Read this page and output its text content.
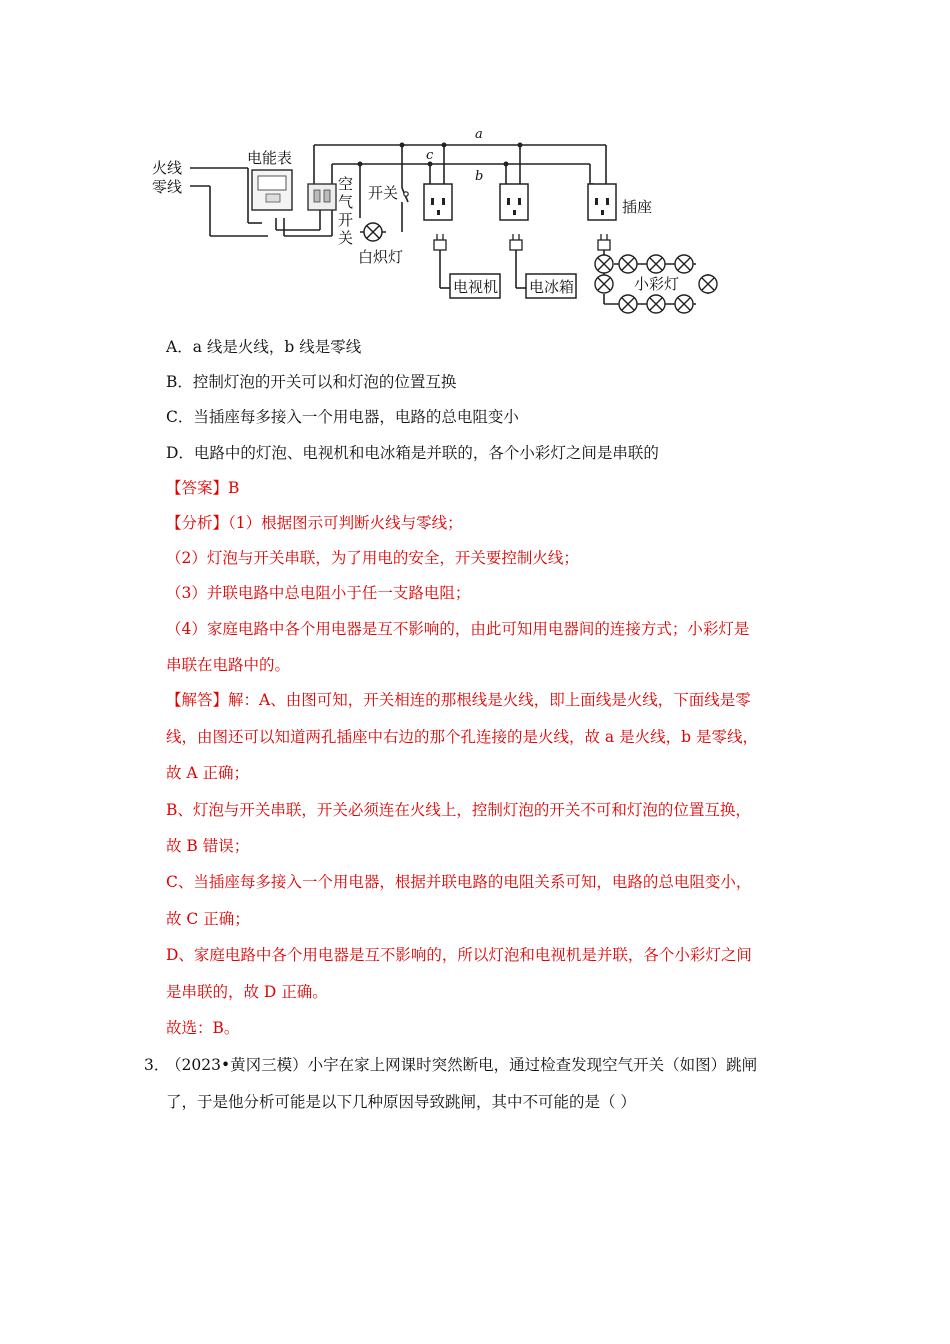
火线
零线
电能表
空
气
开
关
开关
白炽灯
插座
电视机 电冰箱	小彩灯
a
b
c
A．a 线是火线，b 线是零线
B．控制灯泡的开关可以和灯泡的位置互换
C．当插座每多接入一个用电器，电路的总电阻变小
D．电路中的灯泡、电视机和电冰箱是并联的，各个小彩灯之间是串联的
【答案】B
【分析】（1）根据图示可判断火线与零线；
（2）灯泡与开关串联，为了用电的安全，开关要控制火线；
（3）并联电路中总电阻小于任一支路电阻；
（4）家庭电路中各个用电器是互不影响的，由此可知用电器间的连接方式；小彩灯是
串联在电路中的。
【解答】解：A、由图可知，开关相连的那根线是火线，即上面线是火线，下面线是零
线，由图还可以知道两孔插座中右边的那个孔连接的是火线，故 a 是火线，b 是零线，
故 A 正确；
B、灯泡与开关串联，开关必须连在火线上，控制灯泡的开关不可和灯泡的位置互换，
故 B 错误；
C、当插座每多接入一个用电器，根据并联电路的电阻关系可知，电路的总电阻变小，
故 C 正确；
D、家庭电路中各个用电器是互不影响的，所以灯泡和电视机是并联，各个小彩灯之间
是串联的，故 D 正确。
故选：B。
3．
（2023•黄冈三模）小宇在家上网课时突然断电，通过检查发现空气开关（如图）跳闸
了，于是他分析可能是以下几种原因导致跳闸，其中不可能的是（ ）
